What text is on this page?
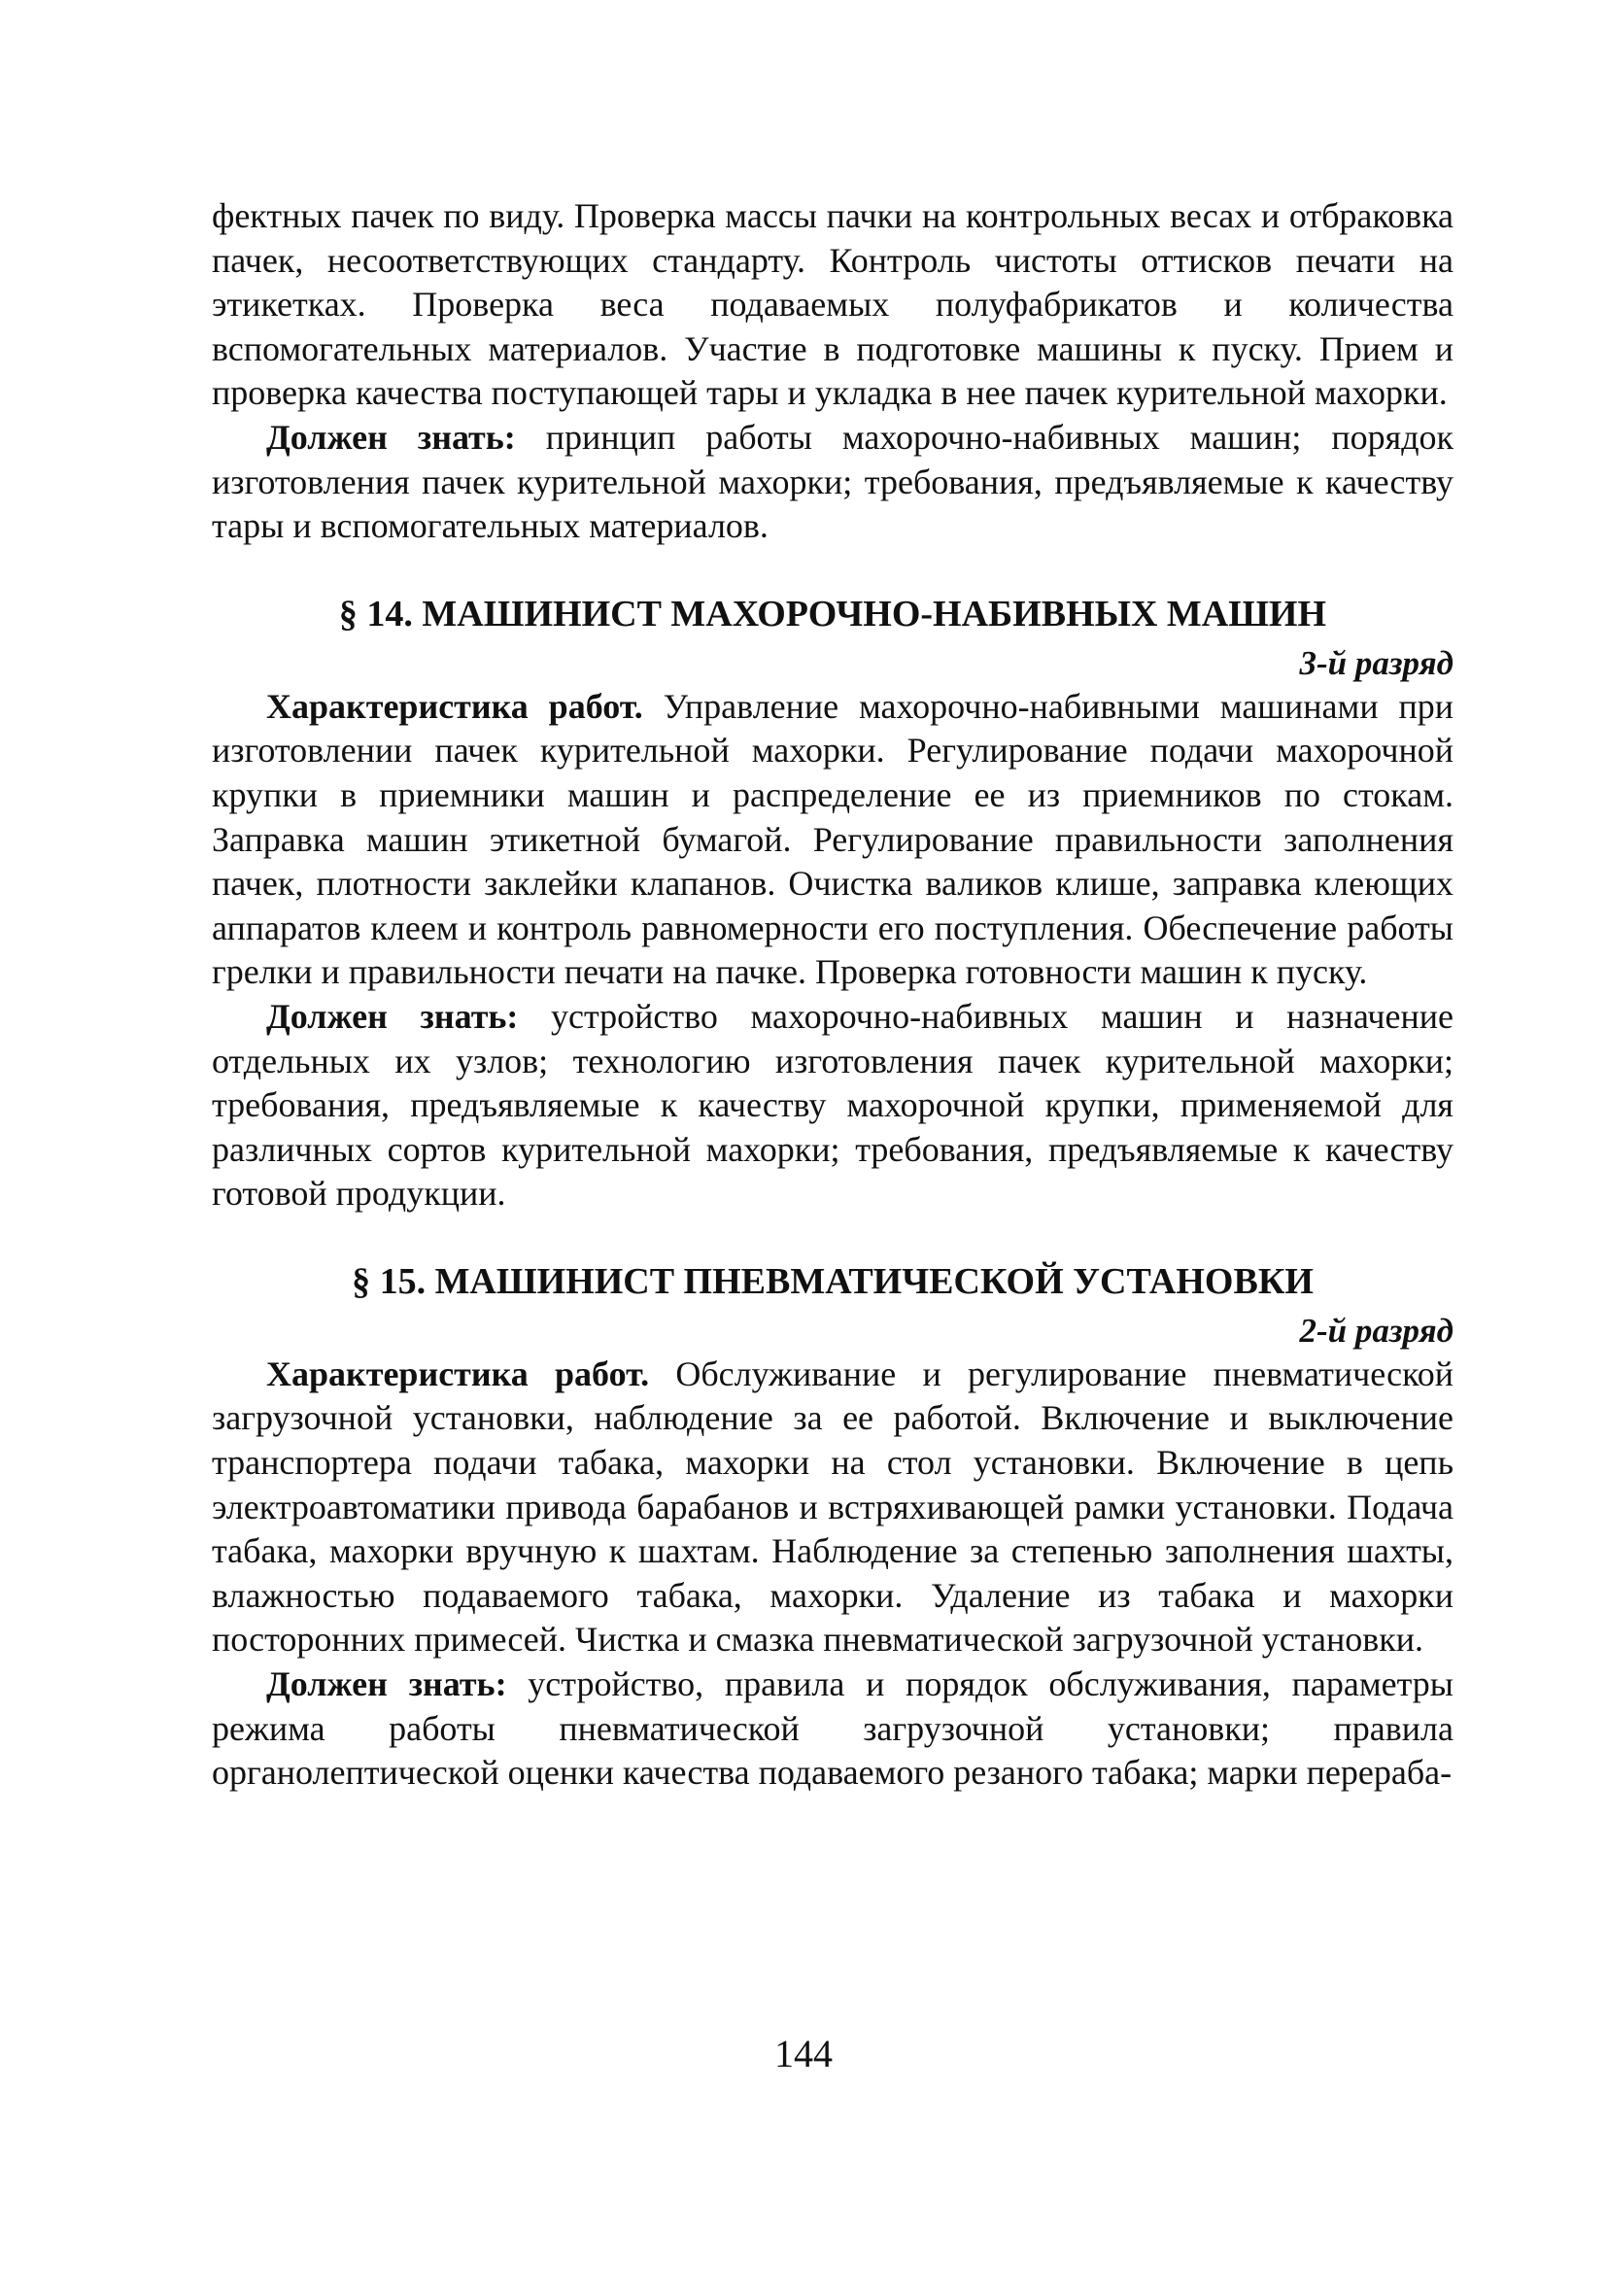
фектных пачек по виду. Проверка массы пачки на контрольных весах и отбраковка пачек, несоответствующих стандарту. Контроль чистоты оттисков печати на этикетках. Проверка веса подаваемых полуфабрикатов и количества вспомогательных материалов. Участие в подготовке машины к пуску. Прием и проверка качества поступающей тары и укладка в нее пачек курительной махорки.

Должен знать: принцип работы махорочно-набивных машин; порядок изготовления пачек курительной махорки; требования, предъявляемые к качеству тары и вспомогательных материалов.

§ 14. МАШИНИСТ МАХОРОЧНО-НАБИВНЫХ МАШИН
3-й разряд

Характеристика работ. Управление махорочно-набивными машинами при изготовлении пачек курительной махорки. Регулирование подачи махорочной крупки в приемники машин и распределение ее из приемников по стокам. Заправка машин этикетной бумагой. Регулирование правильности заполнения пачек, плотности заклейки клапанов. Очистка валиков клише, заправка клеющих аппаратов клеем и контроль равномерности его поступления. Обеспечение работы грелки и правильности печати на пачке. Проверка готовности машин к пуску.

Должен знать: устройство махорочно-набивных машин и назначение отдельных их узлов; технологию изготовления пачек курительной махорки; требования, предъявляемые к качеству махорочной крупки, применяемой для различных сортов курительной махорки; требования, предъявляемые к качеству готовой продукции.

§ 15. МАШИНИСТ ПНЕВМАТИЧЕСКОЙ УСТАНОВКИ
2-й разряд

Характеристика работ. Обслуживание и регулирование пневматической загрузочной установки, наблюдение за ее работой. Включение и выключение транспортера подачи табака, махорки на стол установки. Включение в цепь электроавтоматики привода барабанов и встряхивающей рамки установки. Подача табака, махорки вручную к шахтам. Наблюдение за степенью заполнения шахты, влажностью подаваемого табака, махорки. Удаление из табака и махорки посторонних примесей. Чистка и смазка пневматической загрузочной установки.

Должен знать: устройство, правила и порядок обслуживания, параметры режима работы пневматической загрузочной установки; правила органолептической оценки качества подаваемого резаного табака; марки перераба-

144
